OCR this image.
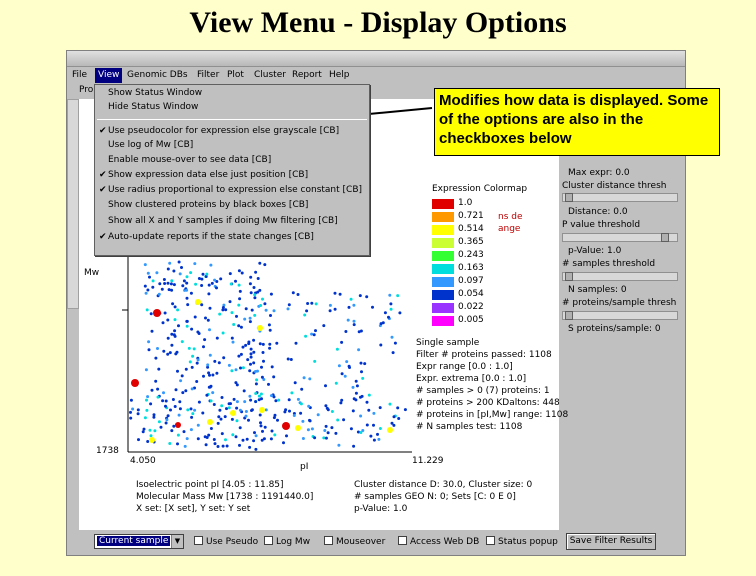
View Menu - Display Options
File	View Genomic DBs Filter Plot Cluster Report Help
Pro
Mw
1738
4.050	11.229
pI
Show Status Window
Hide Status Window
✔Use pseudocolor for expression else grayscale [CB]
Use log of Mw [CB]
Enable mouse-over to see data [CB]
✔Show expression data else just position [CB]
✔Use radius proportional to expression else constant [CB]
Show clustered proteins by black boxes [CB]
Show all X and Y samples if doing Mw filtering [CB]
✔Auto-update reports if the state changes [CB]
Modifies how data is displayed. Some of the options are also in the checkboxes below
Expression Colormap
1.0
0.721
0.514
0.365
0.243
0.163
0.097
0.054
0.022
0.005
ns de
ange
Max expr: 0.0
Cluster distance thresh
Distance: 0.0
P value threshold
p-Value: 1.0
# samples threshold
N samples: 0
# proteins/sample thresh
S proteins/sample: 0
Single sample
Filter # proteins passed: 1108
Expr range [0.0 : 1.0]
Expr. extrema [0.0 : 1.0]
# samples > 0 (7) proteins: 1
# proteins > 200 KDaltons: 448
# proteins in [pI,Mw] range: 1108
# N samples test: 1108
Isoelectric point pI [4.05 : 11.85]
Molecular Mass Mw [1738 : 1191440.0]
X set: [X set], Y set: Y set
Cluster distance D: 30.0, Cluster size: 0
# samples GEO N: 0; Sets [C: 0 E 0]
p-Value: 1.0
Current sample ▼	Use Pseudo	Log Mw	Mouseover	Access Web DB	Status popup	Save Filter Results
